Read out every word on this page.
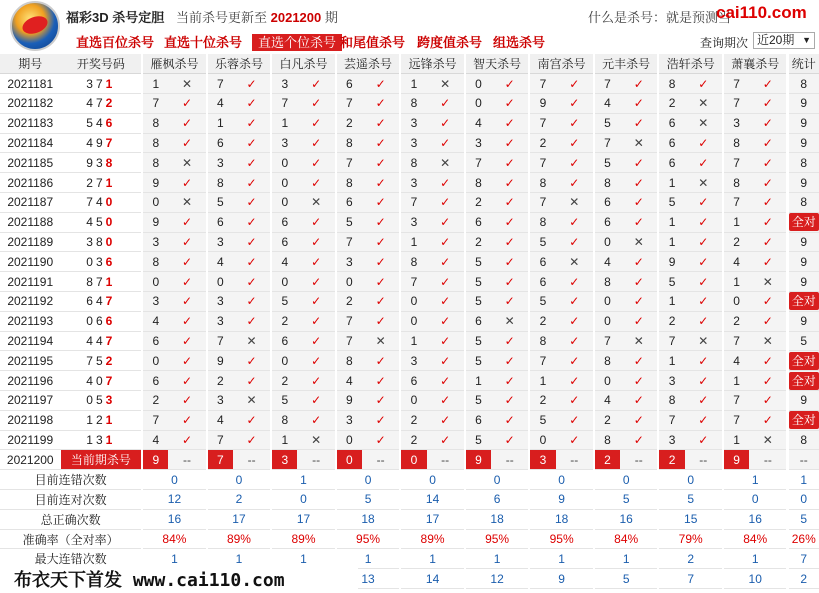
福彩3D 杀号定胆 当前杀号更新至 2021200 期	什么是杀号：就是预测当
cai110.com
直选百位杀号 直选十位杀号	直选个位杀号 和尾值杀号 跨度值杀号 组选杀号	查询期次 近20期 ▼
期号	开奖号码		雁枫杀号			乐蓉杀号			白凡杀号			芸遥杀号			远锋杀号			智天杀号			南宫杀号			元丰杀号			浩轩杀号			萧襄杀号			统计
2021181	371		1	✕		7	✓		3	✓		6	✓		1	✕		0	✓		7	✓		7	✓		8	✓		7	✓		8
2021182	472		7	✓		4	✓		7	✓		7	✓		8	✓		0	✓		9	✓		4	✓		2	✕		7	✓		9
2021183	546		8	✓		1	✓		1	✓		2	✓		3	✓		4	✓		7	✓		5	✓		6	✕		3	✓		9
2021184	497		8	✓		6	✓		3	✓		8	✓		3	✓		3	✓		2	✓		7	✕		6	✓		8	✓		9
2021185	938		8	✕		3	✓		0	✓		7	✓		8	✕		7	✓		7	✓		5	✓		6	✓		7	✓		8
2021186	271		9	✓		8	✓		0	✓		8	✓		3	✓		8	✓		8	✓		8	✓		1	✕		8	✓		9
2021187	740		0	✕		5	✓		0	✕		6	✓		7	✓		2	✓		7	✕		6	✓		5	✓		7	✓		8
2021188	450		9	✓		6	✓		6	✓		5	✓		3	✓		6	✓		8	✓		6	✓		1	✓		1	✓		全对
2021189	380		3	✓		3	✓		6	✓		7	✓		1	✓		2	✓		5	✓		0	✕		1	✓		2	✓		9
2021190	036		8	✓		4	✓		4	✓		3	✓		8	✓		5	✓		6	✕		4	✓		9	✓		4	✓		9
2021191	871		0	✓		0	✓		0	✓		0	✓		7	✓		5	✓		6	✓		8	✓		5	✓		1	✕		9
2021192	647		3	✓		3	✓		5	✓		2	✓		0	✓		5	✓		5	✓		0	✓		1	✓		0	✓		全对
2021193	066		4	✓		3	✓		2	✓		7	✓		0	✓		6	✕		2	✓		0	✓		2	✓		2	✓		9
2021194	447		6	✓		7	✕		6	✓		7	✕		1	✓		5	✓		8	✓		7	✕		7	✕		7	✕		5
2021195	752		0	✓		9	✓		0	✓		8	✓		3	✓		5	✓		7	✓		8	✓		1	✓		4	✓		全对
2021196	407		6	✓		2	✓		2	✓		4	✓		6	✓		1	✓		1	✓		0	✓		3	✓		1	✓		全对
2021197	053		2	✓		3	✕		5	✓		9	✓		0	✓		5	✓		2	✓		4	✓		8	✓		7	✓		9
2021198	121		7	✓		4	✓		8	✓		3	✓		2	✓		6	✓		5	✓		2	✓		7	✓		7	✓		全对
2021199	131		4	✓		7	✓		1	✕		0	✓		2	✓		5	✓		0	✓		8	✓		3	✓		1	✕		8
2021200	当前期杀号		9	--		7	--		3	--		0	--		0	--		9	--		3	--		2	--		2	--		9	--		--
目前连错次数			0			0			1			0			0			0			0			0			0			1			1
目前连对次数			12			2			0			5			14			6			9			5			5			0			0
总正确次数			16			17			17			18			17			18			18			16			15			16			5
准确率（全对率）			84%			89%			89%			95%			89%			95%			95%			84%			79%			84%			26%
最大连错次数			1			1			1			1			1			1			1			1			2			1			7
												13			14			12			9			5			7			10			2
布衣天下首发 www.cai110.com
